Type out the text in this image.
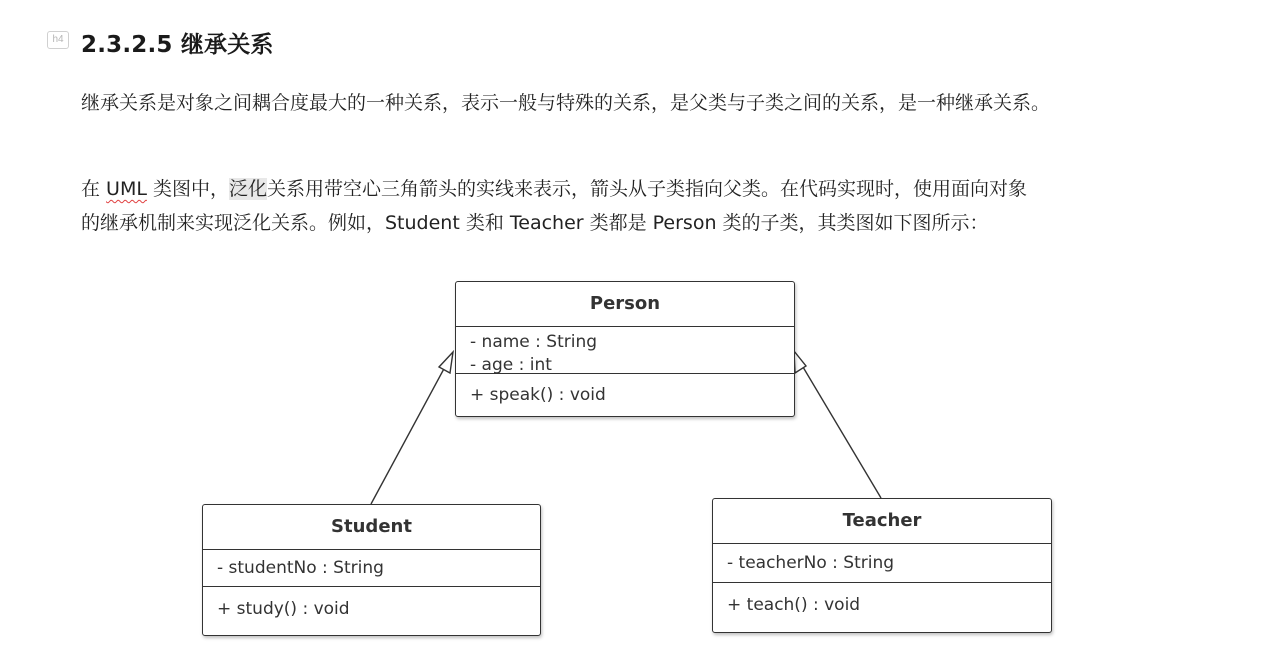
h4 2.3.2.5 继承关系

继承关系是对象之间耦合度最大的一种关系，表示一般与特殊的关系，是父类与子类之间的关系，是一种继承关系。

在 UML 类图中，泛化关系用带空心三角箭头的实线来表示，箭头从子类指向父类。在代码实现时，使用面向对象
的继承机制来实现泛化关系。例如，Student 类和 Teacher 类都是 Person 类的子类，其类图如下图所示：

Person
- name : String
- age : int
+ speak() : void
Student
- studentNo : String
+ study() : void
Teacher
- teacherNo : String
+ teach() : void
